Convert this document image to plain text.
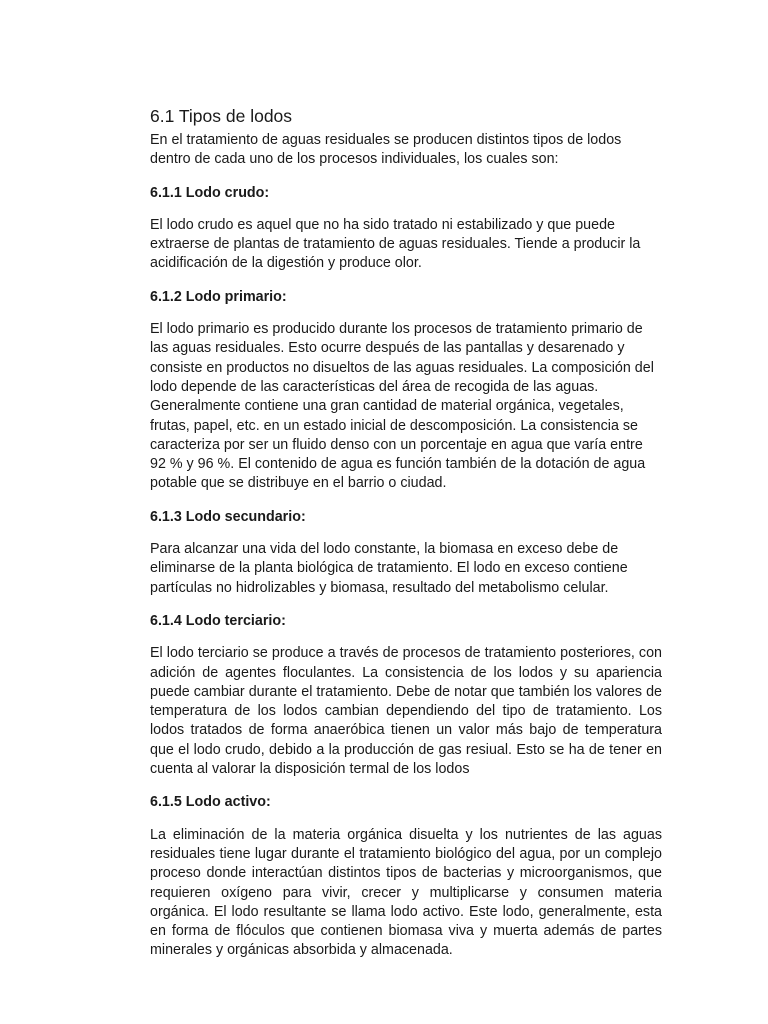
6.1 Tipos de lodos

En el tratamiento de aguas residuales se producen distintos tipos de lodos dentro de cada uno de los procesos individuales, los cuales son:

6.1.1 Lodo crudo:

El lodo crudo es aquel que no ha sido tratado ni estabilizado y que puede extraerse de plantas de tratamiento de aguas residuales. Tiende a producir la acidificación de la digestión y produce olor.

6.1.2 Lodo primario:

El lodo primario es producido durante los procesos de tratamiento primario de las aguas residuales. Esto ocurre después de las pantallas y desarenado y consiste en productos no disueltos de las aguas residuales. La composición del lodo depende de las características del área de recogida de las aguas. Generalmente contiene una gran cantidad de material orgánica, vegetales, frutas, papel, etc. en un estado inicial de descomposición. La consistencia se caracteriza por ser un fluido denso con un porcentaje en agua que varía entre 92 % y 96 %. El contenido de agua es función también de la dotación de agua potable que se distribuye en el barrio o ciudad.

6.1.3 Lodo secundario:

Para alcanzar una vida del lodo constante, la biomasa en exceso debe de eliminarse de la planta biológica de tratamiento. El lodo en exceso contiene partículas no hidrolizables y biomasa, resultado del metabolismo celular.

6.1.4 Lodo terciario:

El lodo terciario se produce a través de procesos de tratamiento posteriores, con adición de agentes floculantes. La consistencia de los lodos y su apariencia puede cambiar durante el tratamiento. Debe de notar que también los valores de temperatura de los lodos cambian dependiendo del tipo de tratamiento. Los lodos tratados de forma anaeróbica tienen un valor más bajo de temperatura que el lodo crudo, debido a la producción de gas resiual. Esto se ha de tener en cuenta al valorar la disposición termal de los lodos

6.1.5 Lodo activo:

La eliminación de la materia orgánica disuelta y los nutrientes de las aguas residuales tiene lugar durante el tratamiento biológico del agua, por un complejo proceso donde interactúan distintos tipos de bacterias y microorganismos, que requieren oxígeno para vivir, crecer y multiplicarse y consumen materia orgánica. El lodo resultante se llama lodo activo. Este lodo, generalmente, esta en forma de flóculos que contienen biomasa viva y muerta además de partes minerales y orgánicas absorbida y almacenada.
